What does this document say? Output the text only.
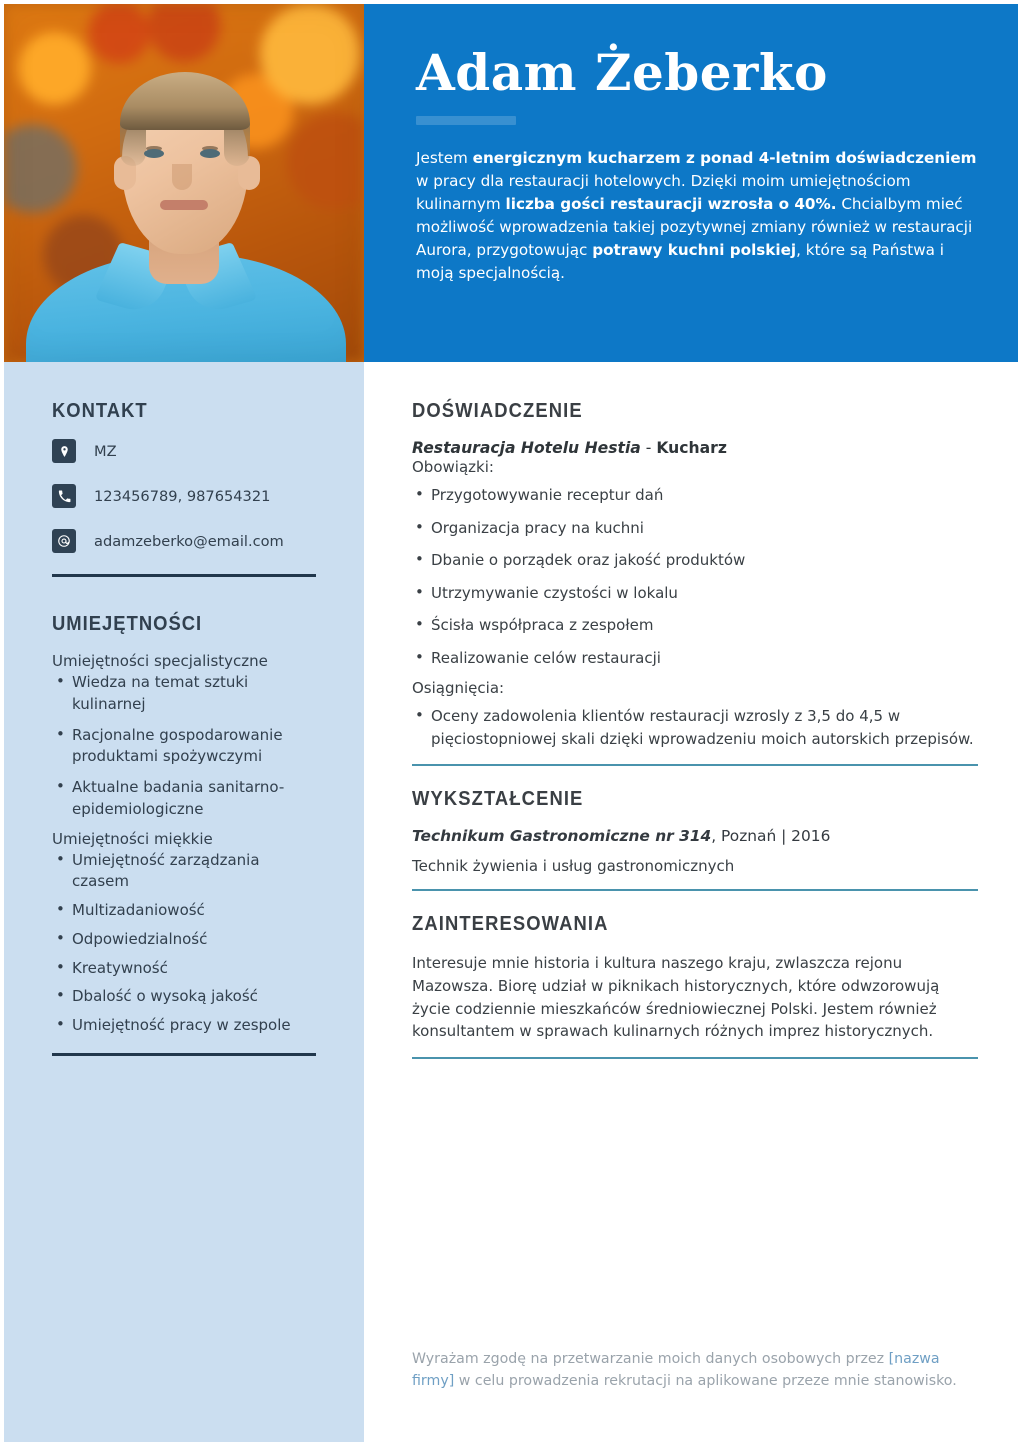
KONTAKT
MZ
123456789, 987654321
adamzeberko@email.com
UMIEJĘTNOŚCI

Umiejętności specjalistyczne

• Wiedza na temat sztuki kulinarnej
• Racjonalne gospodarowanie produktami spożywczymi
• Aktualne badania sanitarno-epidemiologiczne

Umiejętności miękkie

• Umiejętność zarządzania czasem
• Multizadaniowość
• Odpowiedzialność
• Kreatywność
• Dbalość o wysoką jakość
• Umiejętność pracy w zespole
Adam Żeberko

Jestem energicznym kucharzem z ponad 4-letnim doświadczeniem w pracy dla restauracji hotelowych. Dzięki moim umiejętnościom kulinarnym liczba gości restauracji wzrosła o 40%. Chcialbym mieć możliwość wprowadzenia takiej pozytywnej zmiany również w restauracji Aurora, przygotowując potrawy kuchni polskiej, które są Państwa i moją specjalnością.

DOŚWIADCZENIE

Restauracja Hotelu Hestia - Kucharz

Obowiązki:

• Przygotowywanie receptur dań
• Organizacja pracy na kuchni
• Dbanie o porządek oraz jakość produktów
• Utrzymywanie czystości w lokalu
• Ścisła współpraca z zespołem
• Realizowanie celów restauracji

Osiągnięcia:

• Oceny zadowolenia klientów restauracji wzrosly z 3,5 do 4,5 w pięciostopniowej skali dzięki wprowadzeniu moich autorskich przepisów.
WYKSZTAŁCENIE

Technikum Gastronomiczne nr 314, Poznań | 2016

Technik żywienia i usług gastronomicznych

ZAINTERESOWANIA

Interesuje mnie historia i kultura naszego kraju, zwlaszcza rejonu Mazowsza. Biorę udział w piknikach historycznych, które odwzorowują życie codziennie mieszkańców średniowiecznej Polski. Jestem również konsultantem w sprawach kulinarnych różnych imprez historycznych.

Wyrażam zgodę na przetwarzanie moich danych osobowych przez [nazwa firmy] w celu prowadzenia rekrutacji na aplikowane przeze mnie stanowisko.
